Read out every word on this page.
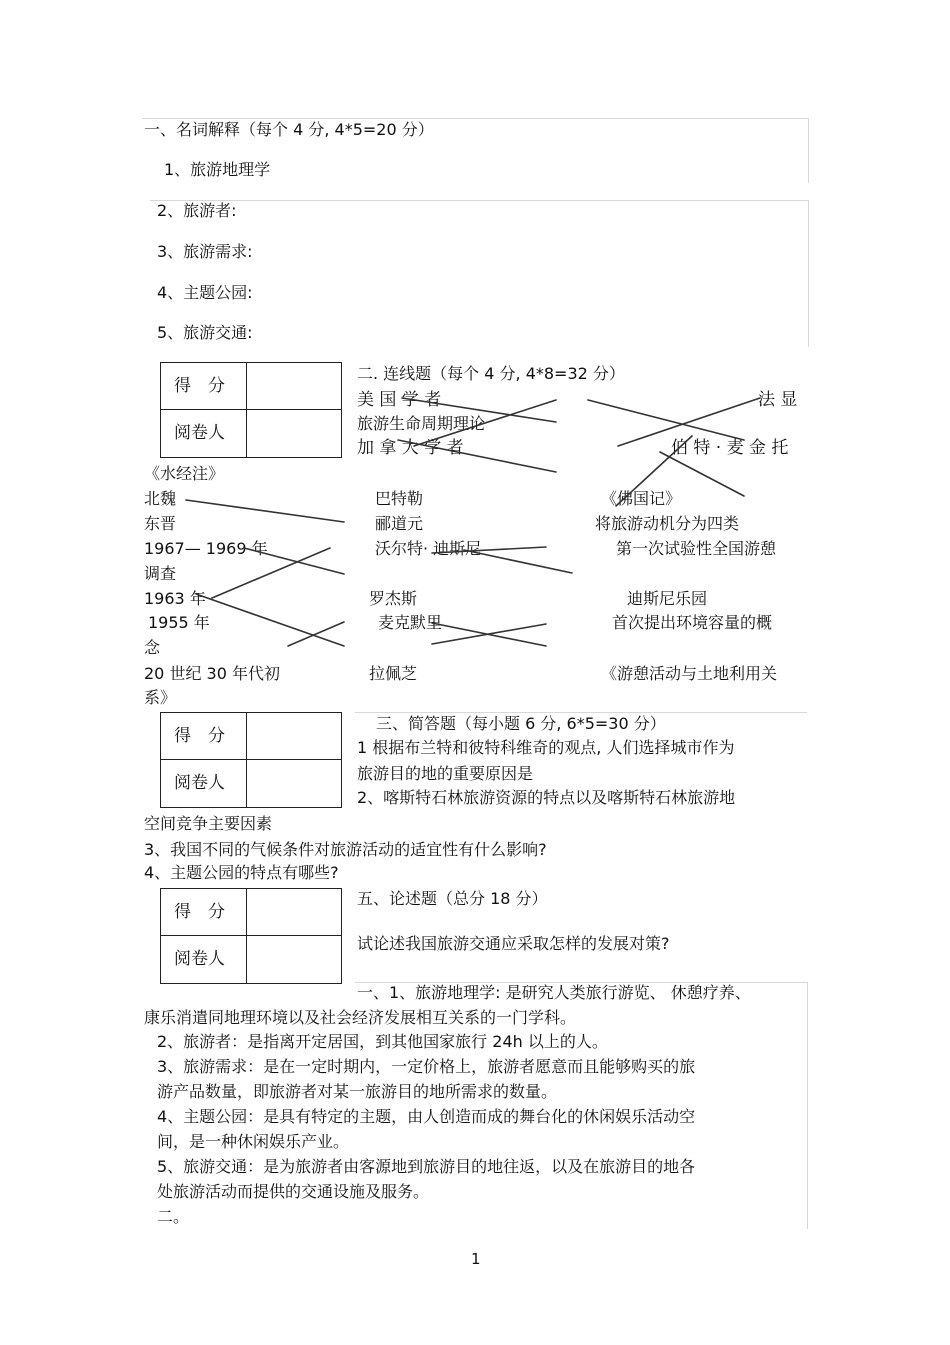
一、名词解释（每个 4 分, 4*5=20 分）
1、旅游地理学
2、旅游者:
3、旅游需求:
4、主题公园:
5、旅游交通:
得　分
阅卷人
二. 连线题（每个 4 分, 4*8=32 分）
美 国 学 者	法 显
旅游生命周期理论
加 拿 大 学 者	伯 特 · 麦 金 托
《水经注》
北魏
东晋
1967— 1969 年
调查
1963 年
1955 年
念
20 世纪 30 年代初
系》
巴特勒
郦道元
沃尔特· 迪斯尼
罗杰斯
麦克默里
拉佩芝
《佛国记》
将旅游动机分为四类
第一次试验性全国游憩
迪斯尼乐园
首次提出环境容量的概
《游憩活动与土地利用关
得　分
阅卷人
三、简答题（每小题 6 分, 6*5=30 分）
1 根据布兰特和彼特科维奇的观点, 人们选择城市作为
旅游目的地的重要原因是
2、喀斯特石林旅游资源的特点以及喀斯特石林旅游地
空间竞争主要因素
3、我国不同的气候条件对旅游活动的适宜性有什么影响?
4、主题公园的特点有哪些?
得　分
阅卷人
五、论述题（总分 18 分）
试论述我国旅游交通应采取怎样的发展对策?
一、1、旅游地理学: 是研究人类旅行游览、 休憩疗养、
康乐消遣同地理环境以及社会经济发展相互关系的一门学科。
2、旅游者：是指离开定居国，到其他国家旅行 24h 以上的人。
3、旅游需求：是在一定时期内，一定价格上，旅游者愿意而且能够购买的旅
游产品数量，即旅游者对某一旅游目的地所需求的数量。
4、主题公园：是具有特定的主题，由人创造而成的舞台化的休闲娱乐活动空
间，是一种休闲娱乐产业。
5、旅游交通：是为旅游者由客源地到旅游目的地往返，以及在旅游目的地各
处旅游活动而提供的交通设施及服务。
二。
1
